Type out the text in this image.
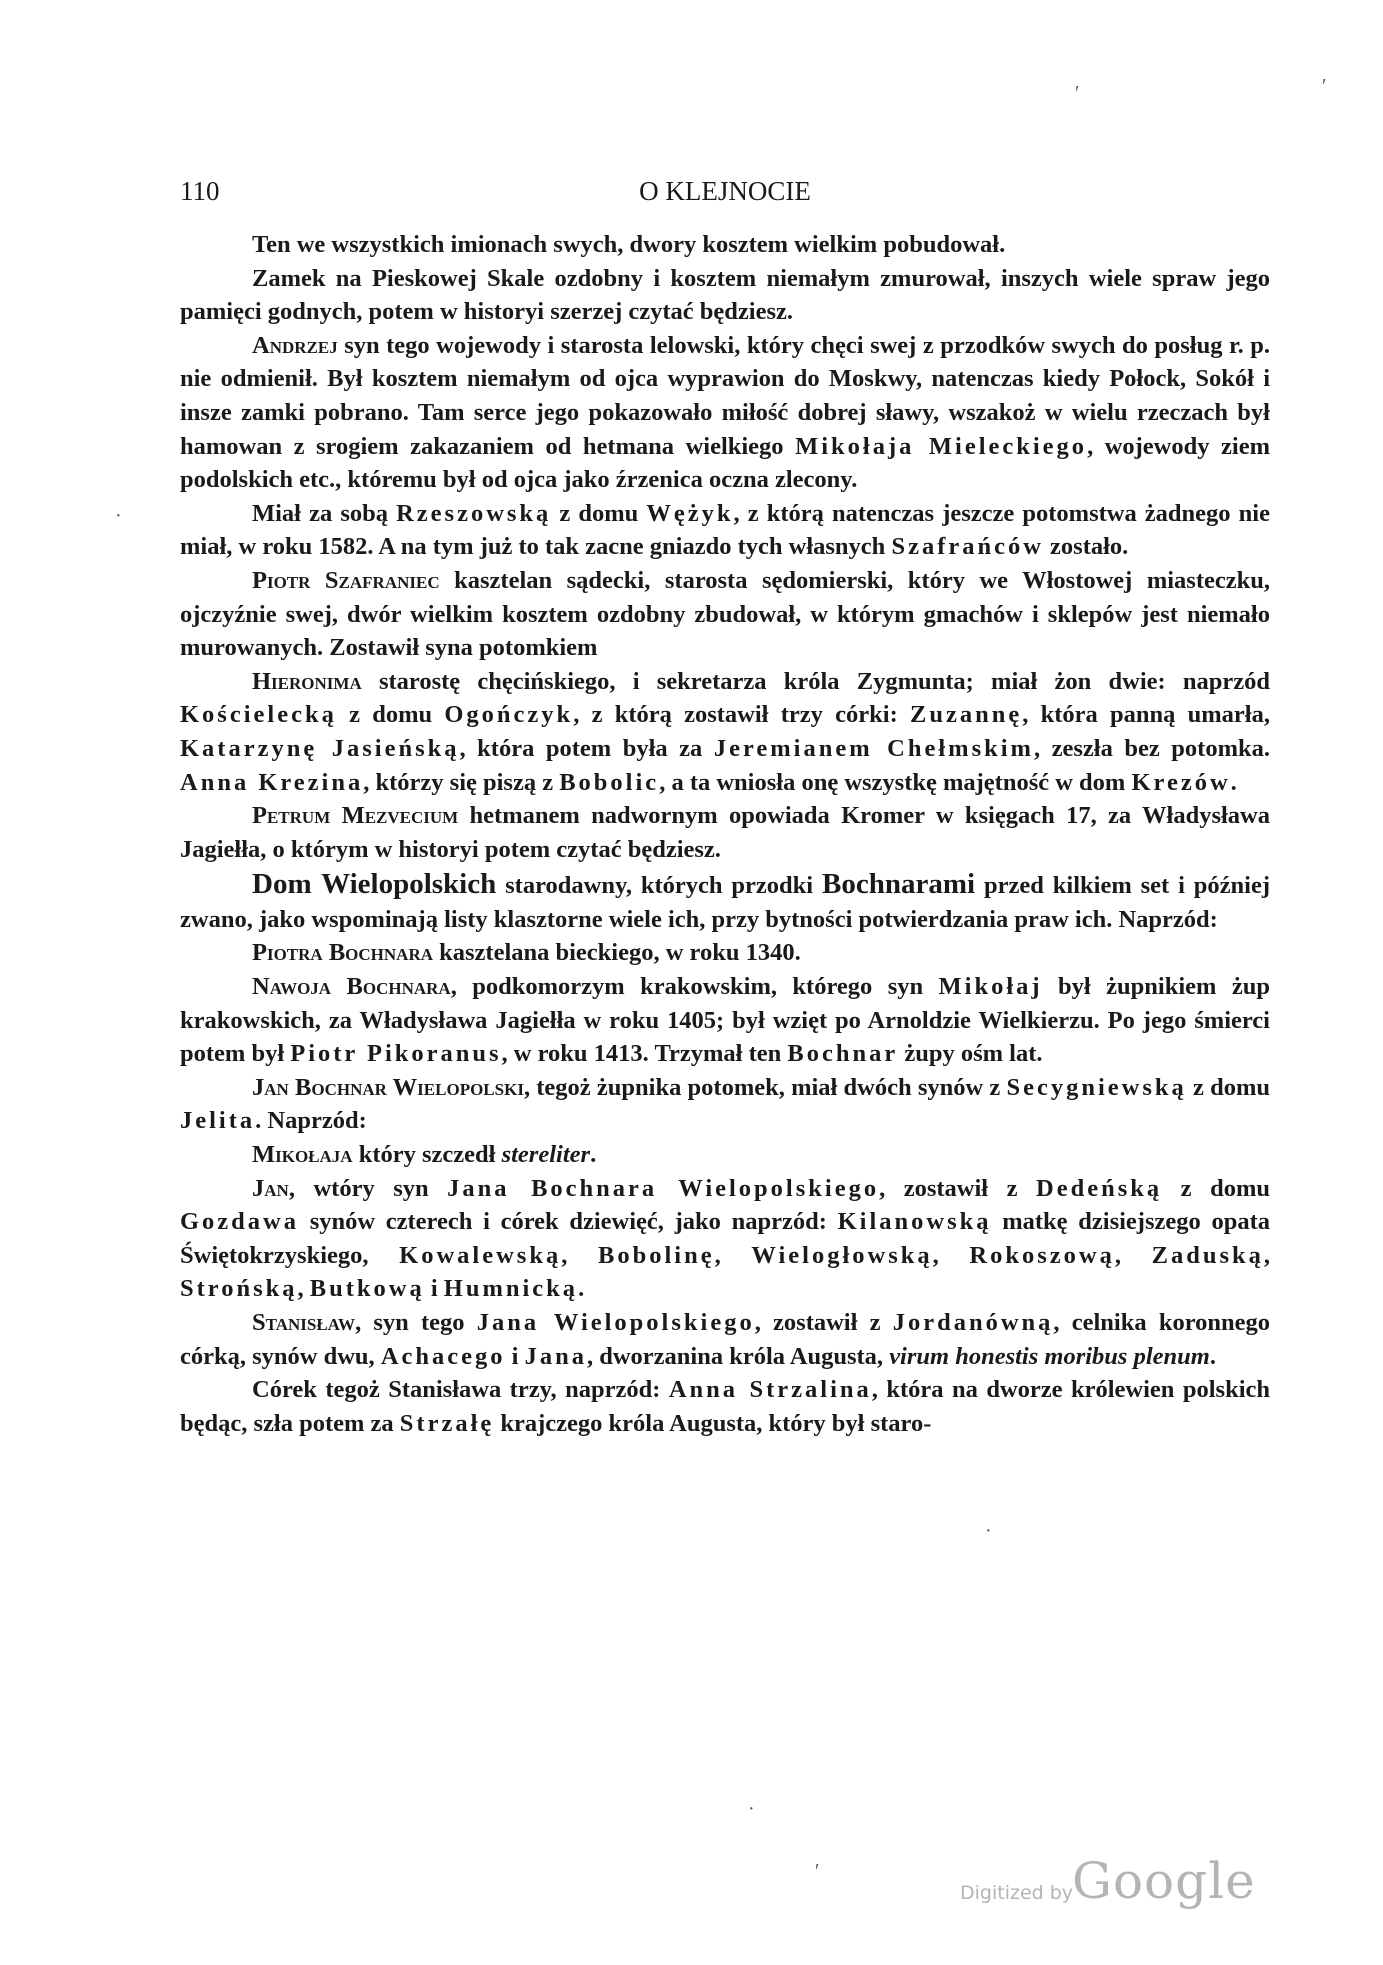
110	O KLEJNOCIE

Ten we wszystkich imionach swych, dwory kosztem wielkim pobudował.

Zamek na Pieskowej Skale ozdobny i kosztem niemałym zmurował, inszych wiele spraw jego pamięci godnych, potem w historyi szerzej czytać będziesz.

Andrzej syn tego wojewody i starosta lelowski, który chęci swej z przodków swych do posług r. p. nie odmienił. Był kosztem niemałym od ojca wyprawion do Moskwy, natenczas kiedy Połock, Sokół i insze zamki pobrano. Tam serce jego pokazowało miłość dobrej sławy, wszakoż w wielu rzeczach był hamowan z srogiem zakazaniem od hetmana wielkiego Mikołaja Mieleckiego, wojewody ziem podolskich etc., któremu był od ojca jako źrzenica oczna zlecony.

Miał za sobą Rzeszowską z domu Wężyk, z którą natenczas jeszcze potomstwa żadnego nie miał, w roku 1582. A na tym już to tak zacne gniazdo tych własnych Szafrańców zostało.

Piotr Szafraniec kasztelan sądecki, starosta sędomierski, który we Włostowej miasteczku, ojczyźnie swej, dwór wielkim kosztem ozdobny zbudował, w którym gmachów i sklepów jest niemało murowanych. Zostawił syna potomkiem

Hieronima starostę chęcińskiego, i sekretarza króla Zygmunta; miał żon dwie: naprzód Kościelecką z domu Ogończyk, z którą zostawił trzy córki: Zuzannę, która panną umarła, Katarzynę Jasieńską, która potem była za Jeremianem Chełmskim, zeszła bez potomka. Anna Krezina, którzy się piszą z Bobolic, a ta wniosła onę wszystkę majętność w dom Krezów.

Petrum Mezvecium hetmanem nadwornym opowiada Kromer w księgach 17, za Władysława Jagiełła, o którym w historyi potem czytać będziesz.

Dom Wielopolskich starodawny, których przodki Bochnarami przed kilkiem set i później zwano, jako wspominają listy klasztorne wiele ich, przy bytności potwierdzania praw ich. Naprzód:

Piotra Bochnara kasztelana bieckiego, w roku 1340.

Nawoja Bochnara, podkomorzym krakowskim, którego syn Mikołaj był żupnikiem żup krakowskich, za Władysława Jagiełła w roku 1405; był wzięt po Arnoldzie Wielkierzu. Po jego śmierci potem był Piotr Pikoranus, w roku 1413. Trzymał ten Bochnar żupy ośm lat.

Jan Bochnar Wielopolski, tegoż żupnika potomek, miał dwóch synów z Secygniewską z domu Jelita. Naprzód:

Mikołaja który szczedł stereliter.

Jan, wtóry syn Jana Bochnara Wielopolskiego, zostawił z Dedeńską z domu Gozdawa synów czterech i córek dziewięć, jako naprzód: Kilanowską matkę dzisiejszego opata Świętokrzyskiego, Kowalewską, Bobolinę, Wielogłowską, Rokoszową, Zaduską, Strońską, Butkową i Humnicką.

Stanisław, syn tego Jana Wielopolskiego, zostawił z Jordanówną, celnika koronnego córką, synów dwu, Achacego i Jana, dworzanina króla Augusta, virum honestis moribus plenum.

Córek tegoż Stanisława trzy, naprzód: Anna Strzalina, która na dworze królewien polskich będąc, szła potem za Strzałę krajczego króla Augusta, który był staro-

′	′
·
·
·
′
Digitized by
Google
